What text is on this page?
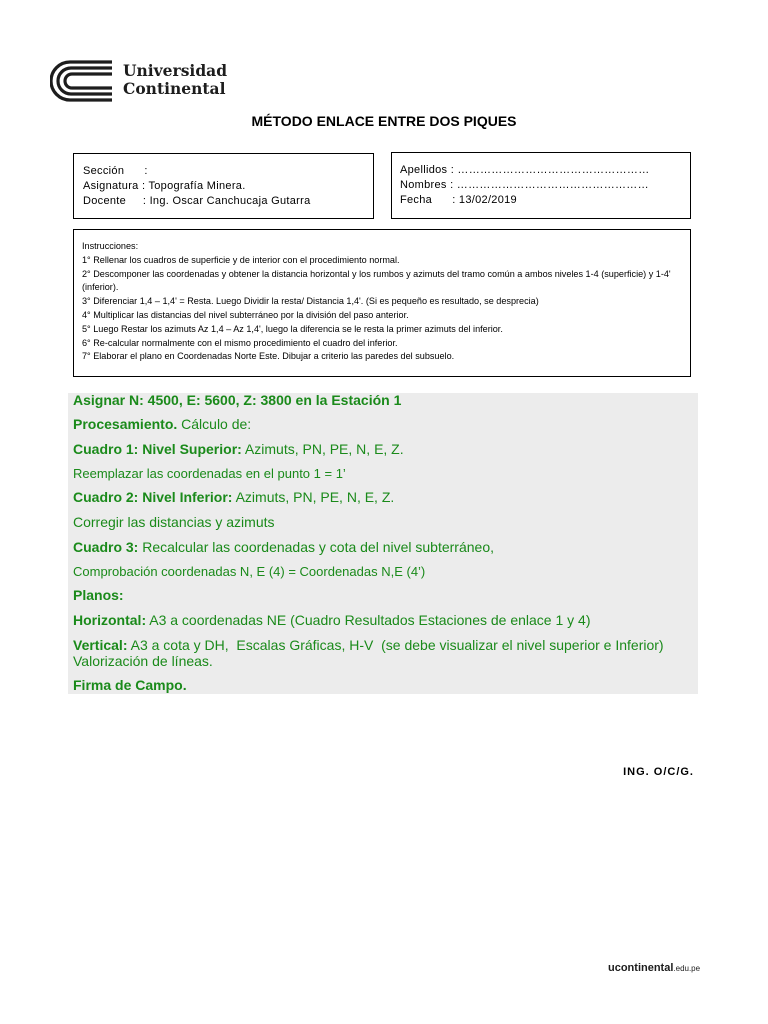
Universidad
Continental
MÉTODO ENLACE ENTRE DOS PIQUES
Sección      :
Asignatura : Topografía Minera.
Docente     : Ing. Oscar Canchucaja Gutarra
Apellidos : ……………………………………………
Nombres : ……………………………………………
Fecha      : 13/02/2019
Instrucciones:
1° Rellenar los cuadros de superficie y de interior con el procedimiento normal.
2° Descomponer las coordenadas y obtener la distancia horizontal y los rumbos y azimuts del tramo común a ambos niveles 1-4 (superficie) y 1-4' (inferior).
3° Diferenciar 1,4 – 1,4' = Resta. Luego Dividir la resta/ Distancia 1,4'. (Si es pequeño es resultado, se desprecia)
4° Multiplicar las distancias del nivel subterráneo por la división del paso anterior.
5° Luego Restar los azimuts Az 1,4 – Az 1,4', luego la diferencia se le resta la primer azimuts del inferior.
6° Re-calcular normalmente con el mismo procedimiento el cuadro del inferior.
7° Elaborar el plano en Coordenadas Norte Este. Dibujar a criterio las paredes del subsuelo.
Asignar N: 4500, E: 5600, Z: 3800 en la Estación 1
Procesamiento. Cálculo de:
Cuadro 1: Nivel Superior: Azimuts, PN, PE, N, E, Z.
Reemplazar las coordenadas en el punto 1 = 1’
Cuadro 2: Nivel Inferior: Azimuts, PN, PE, N, E, Z.
Corregir las distancias y azimuts
Cuadro 3: Recalcular las coordenadas y cota del nivel subterráneo,
Comprobación coordenadas N, E (4) = Coordenadas N,E (4’)
Planos:
Horizontal: A3 a coordenadas NE (Cuadro Resultados Estaciones de enlace 1 y 4)
Vertical: A3 a cota y DH,  Escalas Gráficas, H-V  (se debe visualizar el nivel superior e Inferior)
Valorización de líneas.
Firma de Campo.
ING. O/C/G.
ucontinental.edu.pe
